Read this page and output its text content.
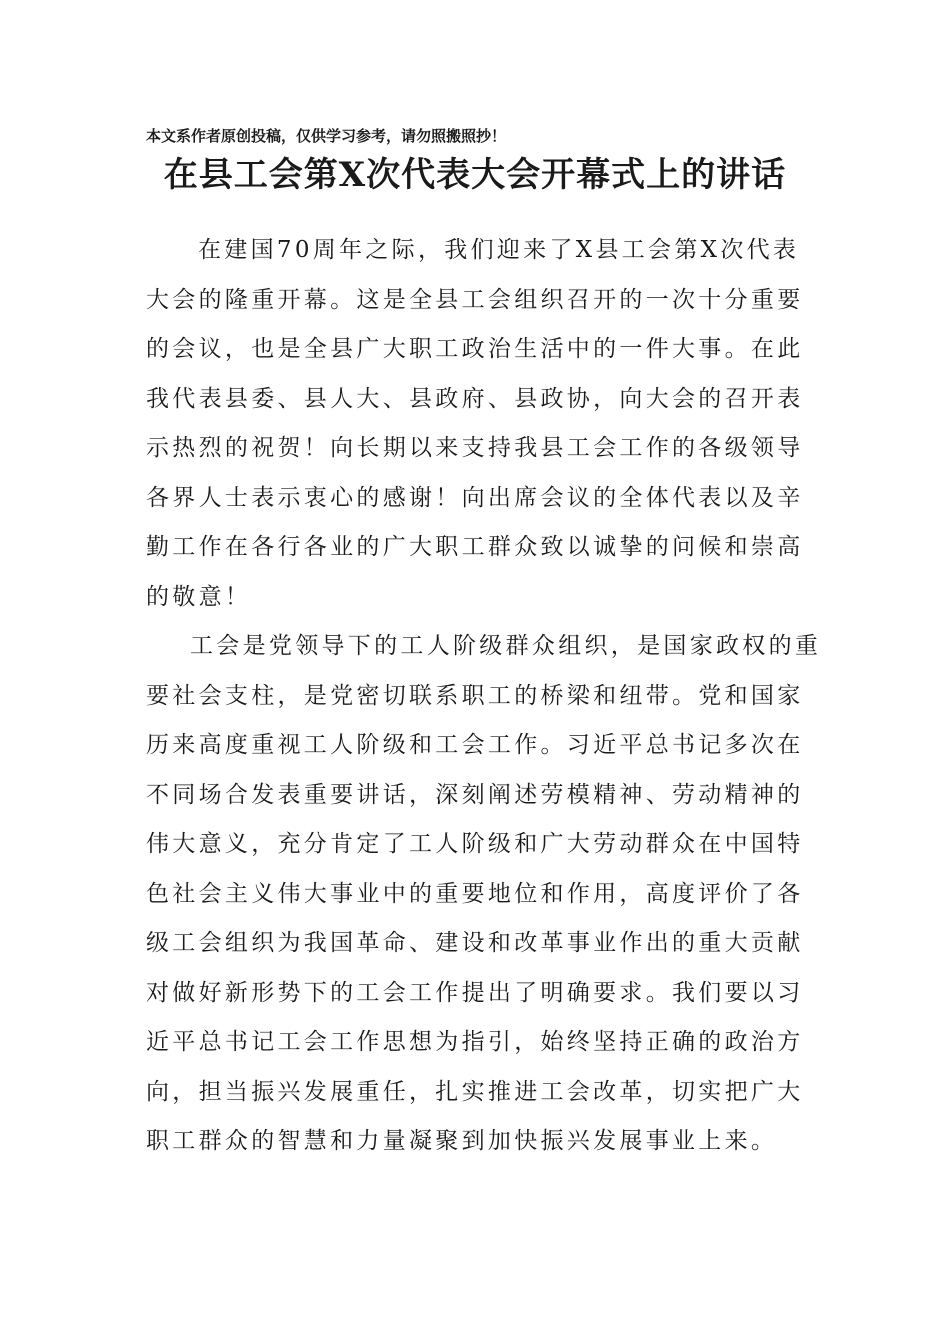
本文系作者原创投稿，仅供学习参考，请勿照搬照抄！
在县工会第Ⅹ次代表大会开幕式上的讲话
在建国70周年之际，我们迎来了Ⅹ县工会第Ⅹ次代表
大会的隆重开幕。这是全县工会组织召开的一次十分重要
的会议，也是全县广大职工政治生活中的一件大事。在此
我代表县委、县人大、县政府、县政协，向大会的召开表
示热烈的祝贺！向长期以来支持我县工会工作的各级领导
各界人士表示衷心的感谢！向出席会议的全体代表以及辛
勤工作在各行各业的广大职工群众致以诚挚的问候和崇高
的敬意！
工会是党领导下的工人阶级群众组织，是国家政权的重
要社会支柱，是党密切联系职工的桥梁和纽带。党和国家
历来高度重视工人阶级和工会工作。习近平总书记多次在
不同场合发表重要讲话，深刻阐述劳模精神、劳动精神的
伟大意义，充分肯定了工人阶级和广大劳动群众在中国特
色社会主义伟大事业中的重要地位和作用，高度评价了各
级工会组织为我国革命、建设和改革事业作出的重大贡献
对做好新形势下的工会工作提出了明确要求。我们要以习
近平总书记工会工作思想为指引，始终坚持正确的政治方
向，担当振兴发展重任，扎实推进工会改革，切实把广大
职工群众的智慧和力量凝聚到加快振兴发展事业上来。
